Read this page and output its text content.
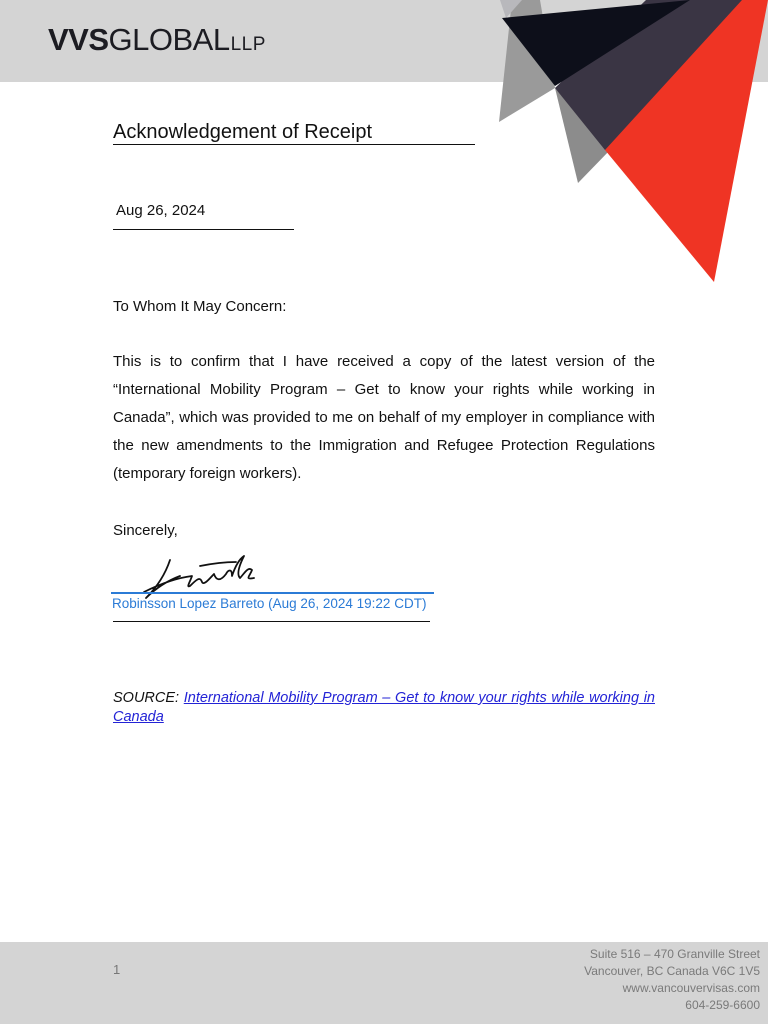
VVS GLOBAL LLP
Acknowledgement of Receipt
Aug 26, 2024
To Whom It May Concern:

This is to confirm that I have received a copy of the latest version of the “International Mobility Program – Get to know your rights while working in Canada”, which was provided to me on behalf of my employer in compliance with the new amendments to the Immigration and Refugee Protection Regulations (temporary foreign workers).

Sincerely,
Robinsson Lopez Barreto (Aug 26, 2024 19:22 CDT)

SOURCE: International Mobility Program – Get to know your rights while working in Canada

1
Suite 516 – 470 Granville Street
Vancouver, BC Canada V6C 1V5
www.vancouvervisas.com
604-259-6600
